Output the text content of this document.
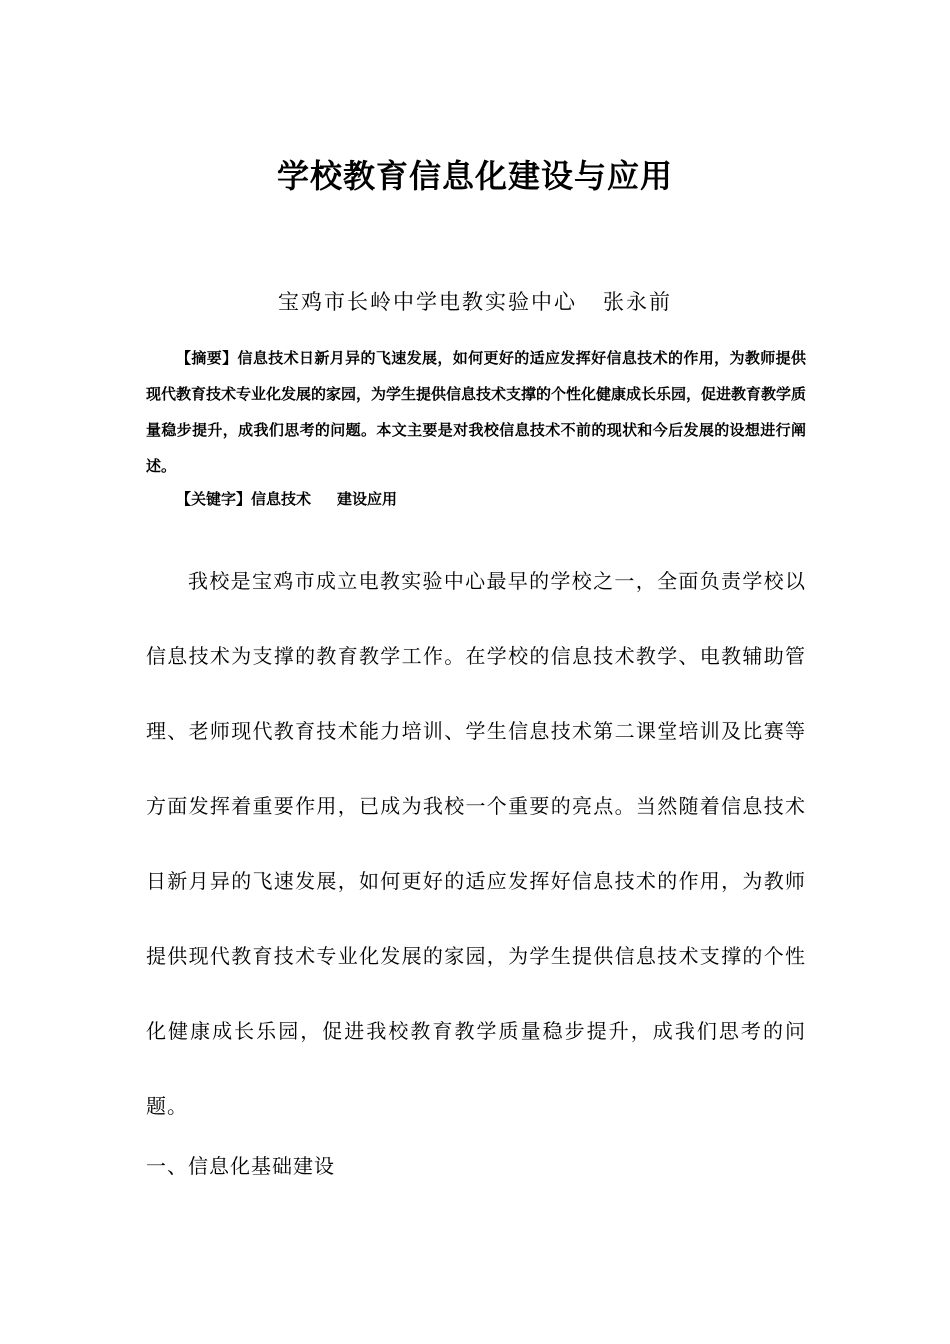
学校教育信息化建设与应用
宝鸡市长岭中学电教实验中心   张永前
【摘要】信息技术日新月异的飞速发展，如何更好的适应发挥好信息技术的作用，为教师提供现代教育技术专业化发展的家园，为学生提供信息技术支撑的个性化健康成长乐园，促进教育教学质量稳步提升，成我们思考的问题。本文主要是对我校信息技术不前的现状和今后发展的设想进行阐述。
【关键字】信息技术 建设应用
我校是宝鸡市成立电教实验中心最早的学校之一，全面负责学校以信息技术为支撑的教育教学工作。在学校的信息技术教学、电教辅助管理、老师现代教育技术能力培训、学生信息技术第二课堂培训及比赛等方面发挥着重要作用，已成为我校一个重要的亮点。当然随着信息技术日新月异的飞速发展，如何更好的适应发挥好信息技术的作用，为教师提供现代教育技术专业化发展的家园，为学生提供信息技术支撑的个性化健康成长乐园，促进我校教育教学质量稳步提升，成我们思考的问题。
一、信息化基础建设
